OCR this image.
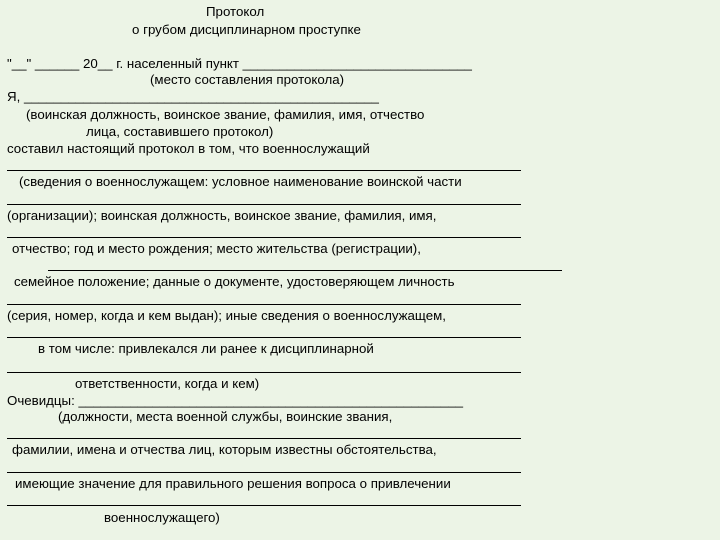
Протокол
о грубом дисциплинарном проступке
"__" ______ 20__ г. населенный пункт _______________________________
(место составления протокола)
Я, ________________________________________________
(воинская должность, воинское звание, фамилия, имя, отчество
лица, составившего протокол)
составил настоящий протокол в том, что военнослужащий
(сведения о военнослужащем: условное наименование воинской части
(организации); воинская должность, воинское звание, фамилия, имя,
отчество; год и место рождения; место жительства (регистрации),
семейное положение; данные о документе, удостоверяющем личность
(серия, номер, когда и кем выдан); иные сведения о военнослужащем,
в том числе: привлекался ли ранее к дисциплинарной
ответственности, когда и кем)
Очевидцы: ____________________________________________________
(должности, места военной службы, воинские звания,
фамилии, имена и отчества лиц, которым известны обстоятельства,
имеющие значение для правильного решения вопроса о привлечении
военнослужащего)
